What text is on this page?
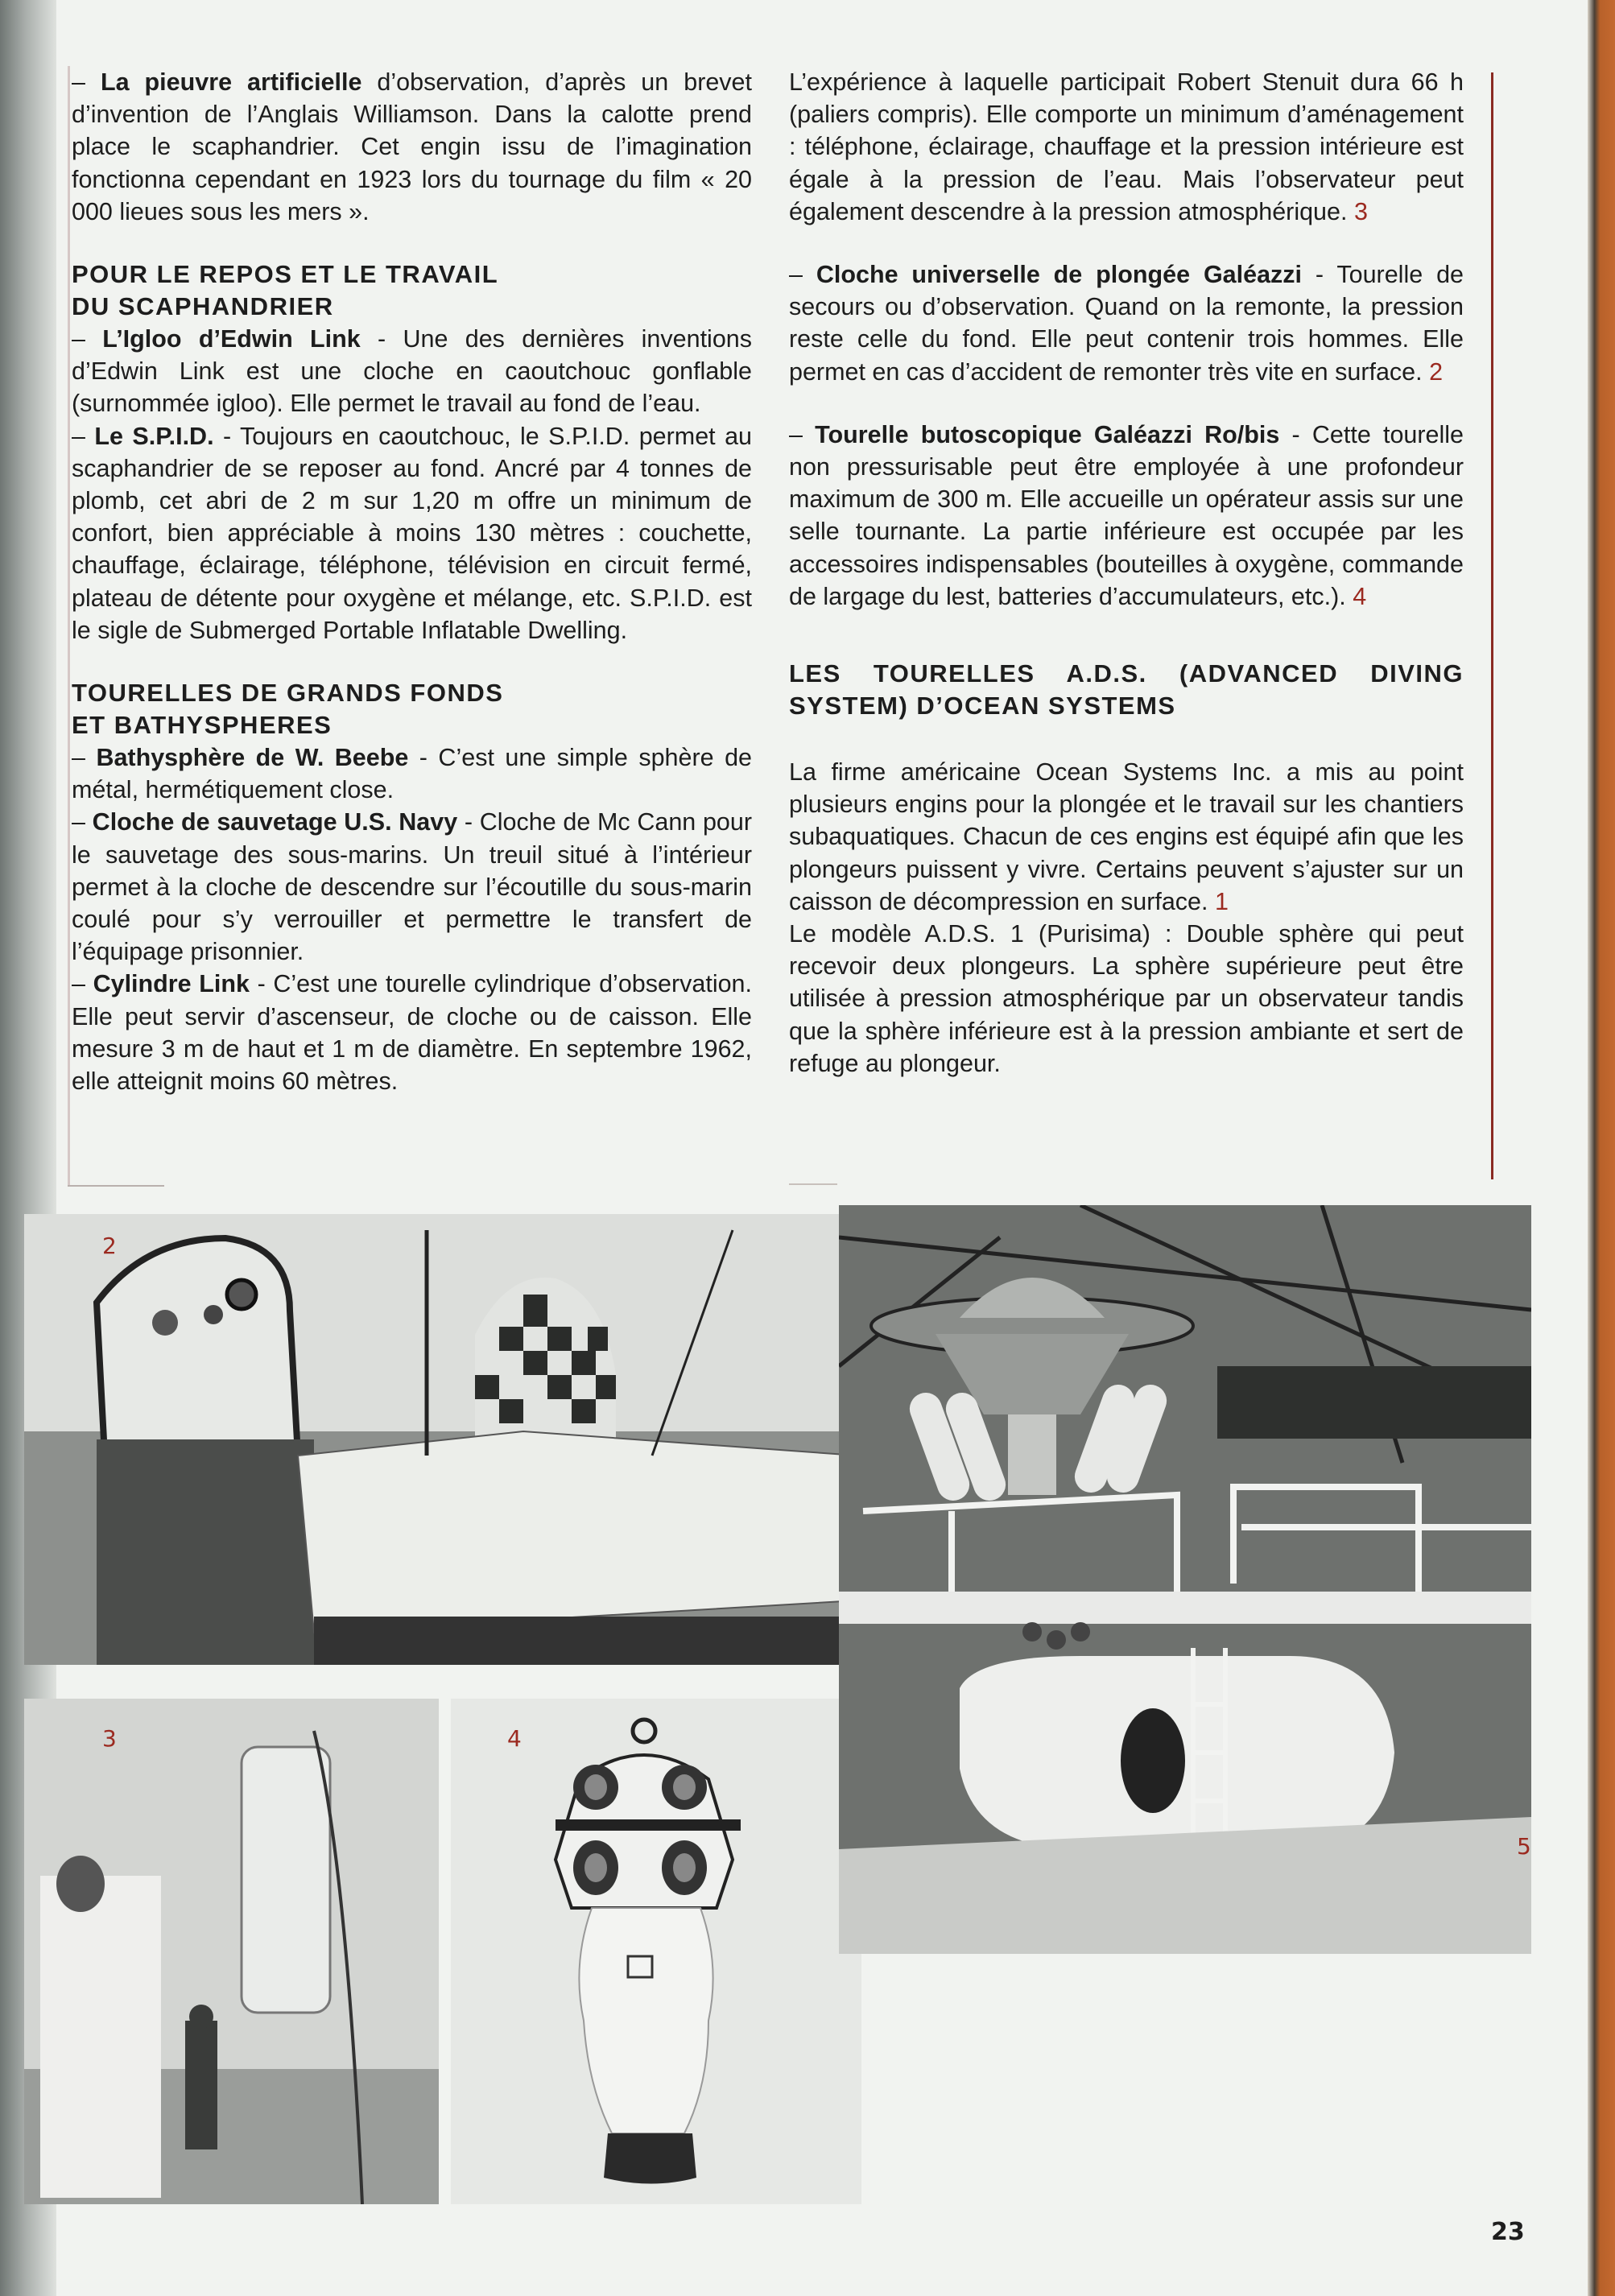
– La pieuvre artificielle d’observation, d’après un brevet d’invention de l’Anglais Williamson. Dans la calotte prend place le scaphandrier. Cet engin issu de l’imagination fonctionna cependant en 1923 lors du tournage du film « 20 000 lieues sous les mers ».

POUR LE REPOS ET LE TRAVAIL
DU SCAPHANDRIER

– L’Igloo d’Edwin Link - Une des dernières inventions d’Edwin Link est une cloche en caoutchouc gonflable (surnommée igloo). Elle permet le travail au fond de l’eau.

– Le S.P.I.D. - Toujours en caoutchouc, le S.P.I.D. permet au scaphandrier de se reposer au fond. Ancré par 4 tonnes de plomb, cet abri de 2 m sur 1,20 m offre un minimum de confort, bien appréciable à moins 130 mètres : couchette, chauffage, éclairage, téléphone, télévision en circuit fermé, plateau de détente pour oxygène et mélange, etc. S.P.I.D. est le sigle de Submerged Portable Inflatable Dwelling.

TOURELLES DE GRANDS FONDS
ET BATHYSPHERES

– Bathysphère de W. Beebe - C’est une simple sphère de métal, hermétiquement close.

– Cloche de sauvetage U.S. Navy - Cloche de Mc Cann pour le sauvetage des sous-marins. Un treuil situé à l’intérieur permet à la cloche de descendre sur l’écoutille du sous-marin coulé pour s’y verrouiller et permettre le transfert de l’équipage prisonnier.

– Cylindre Link - C’est une tourelle cylindrique d’observation. Elle peut servir d’ascenseur, de cloche ou de caisson. Elle mesure 3 m de haut et 1 m de diamètre. En septembre 1962, elle atteignit moins 60 mètres.

L’expérience à laquelle participait Robert Stenuit dura 66 h (paliers compris). Elle comporte un minimum d’aménagement : téléphone, éclairage, chauffage et la pression intérieure est égale à la pression de l’eau. Mais l’observateur peut également descendre à la pression atmosphérique. 3

– Cloche universelle de plongée Galéazzi - Tourelle de secours ou d’observation. Quand on la remonte, la pression reste celle du fond. Elle peut contenir trois hommes. Elle permet en cas d’accident de remonter très vite en surface. 2

– Tourelle butoscopique Galéazzi Ro/bis - Cette tourelle non pressurisable peut être employée à une profondeur maximum de 300 m. Elle accueille un opérateur assis sur une selle tournante. La partie inférieure est occupée par les accessoires indispensables (bouteilles à oxygène, commande de largage du lest, batteries d’accumulateurs, etc.). 4

LES TOURELLES A.D.S. (ADVANCED DIVING SYSTEM) D’OCEAN SYSTEMS

La firme américaine Ocean Systems Inc. a mis au point plusieurs engins pour la plongée et le travail sur les chantiers subaquatiques. Chacun de ces engins est équipé afin que les plongeurs puissent y vivre. Certains peuvent s’ajuster sur un caisson de décompression en surface. 1

Le modèle A.D.S. 1 (Purisima) : Double sphère qui peut recevoir deux plongeurs. La sphère supérieure peut être utilisée à pression atmosphérique par un observateur tandis que la sphère inférieure est à la pression ambiante et sert de refuge au plongeur.

2
3	4
5
23
